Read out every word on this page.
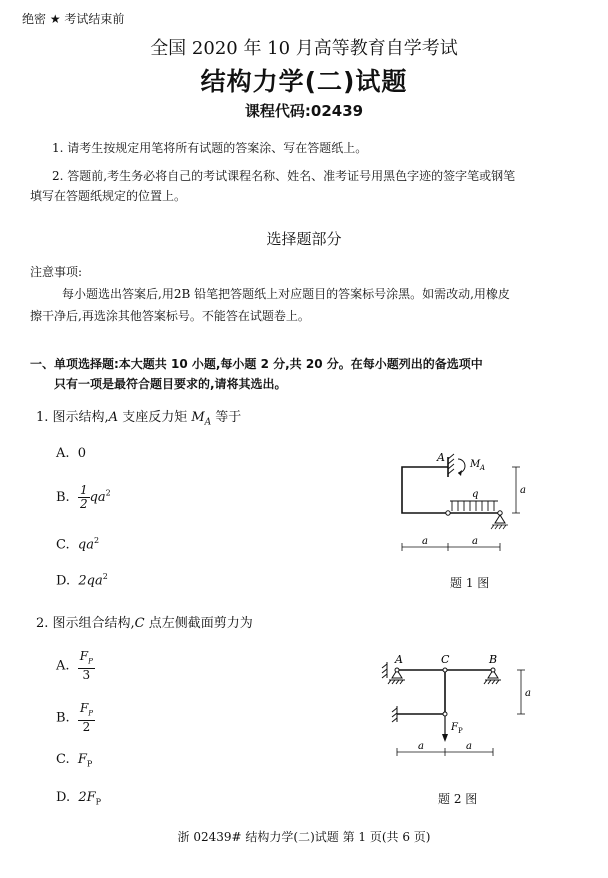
绝密 ★ 考试结束前
全国 2020 年 10 月高等教育自学考试
结构力学(二)试题
课程代码:02439
1. 请考生按规定用笔将所有试题的答案涂、写在答题纸上。
2. 答题前,考生务必将自己的考试课程名称、姓名、准考证号用黑色字迹的签字笔或钢笔
填写在答题纸规定的位置上。
选择题部分
注意事项:
每小题选出答案后,用2B 铅笔把答题纸上对应题目的答案标号涂黑。如需改动,用橡皮
擦干净后,再选涂其他答案标号。不能答在试题卷上。
一、单项选择题:本大题共 10 小题,每小题 2 分,共 20 分。在每小题列出的备选项中
只有一项是最符合题目要求的,请将其选出。
1. 图示结构,A 支座反力矩 $M_A$ 等于
A. 0
B. $\frac{1}{2} qa^2$
C. $qa^2$
D. $2qa^2$
A
M A
q	a
a	a
题 1 图
2. 图示组合结构,C 点左侧截面剪力为
A. $\frac{F_P}{3}$
B. $\frac{F_P}{2}$
C. $F_P$
D. $2F_P$
A	C	B
F P
a
a	a
题 2 图
浙 02439# 结构力学(二)试题 第 1 页(共 6 页)
